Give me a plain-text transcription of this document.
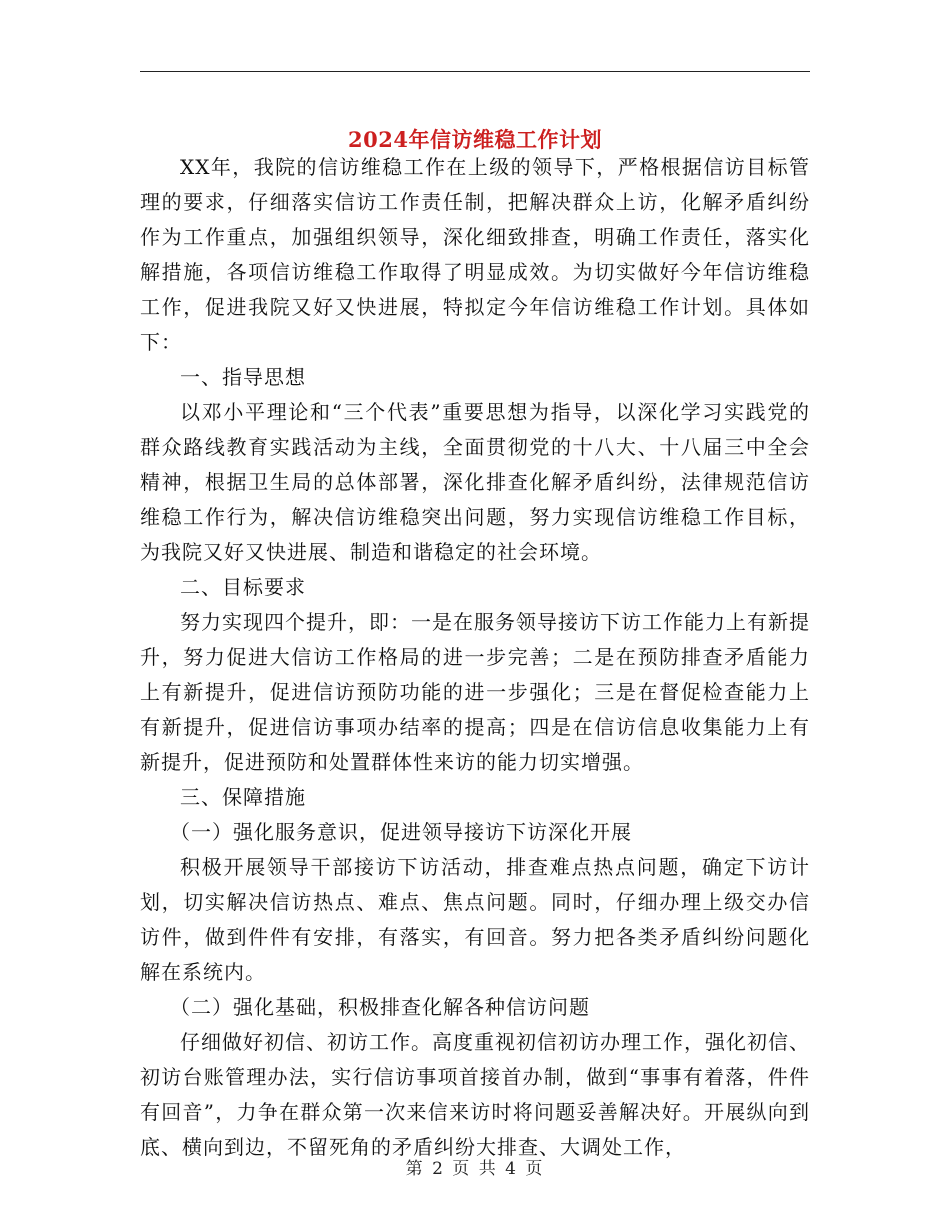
2024年信访维稳工作计划

XX年，我院的信访维稳工作在上级的领导下，严格根据信访目标管理的要求，仔细落实信访工作责任制，把解决群众上访，化解矛盾纠纷作为工作重点，加强组织领导，深化细致排查，明确工作责任，落实化解措施，各项信访维稳工作取得了明显成效。为切实做好今年信访维稳工作，促进我院又好又快进展，特拟定今年信访维稳工作计划。具体如下：

一、指导思想

以邓小平理论和“三个代表”重要思想为指导，以深化学习实践党的群众路线教育实践活动为主线，全面贯彻党的十八大、十八届三中全会精神，根据卫生局的总体部署，深化排查化解矛盾纠纷，法律规范信访维稳工作行为，解决信访维稳突出问题，努力实现信访维稳工作目标，为我院又好又快进展、制造和谐稳定的社会环境。

二、目标要求

努力实现四个提升，即：一是在服务领导接访下访工作能力上有新提升，努力促进大信访工作格局的进一步完善；二是在预防排查矛盾能力上有新提升，促进信访预防功能的进一步强化；三是在督促检查能力上有新提升，促进信访事项办结率的提高；四是在信访信息收集能力上有新提升，促进预防和处置群体性来访的能力切实增强。

三、保障措施

（一）强化服务意识，促进领导接访下访深化开展

积极开展领导干部接访下访活动，排查难点热点问题，确定下访计划，切实解决信访热点、难点、焦点问题。同时，仔细办理上级交办信访件，做到件件有安排，有落实，有回音。努力把各类矛盾纠纷问题化解在系统内。

（二）强化基础，积极排查化解各种信访问题

仔细做好初信、初访工作。高度重视初信初访办理工作，强化初信、初访台账管理办法，实行信访事项首接首办制，做到“事事有着落，件件有回音”，力争在群众第一次来信来访时将问题妥善解决好。开展纵向到底、横向到边，不留死角的矛盾纠纷大排查、大调处工作，

第 2 页 共 4 页
